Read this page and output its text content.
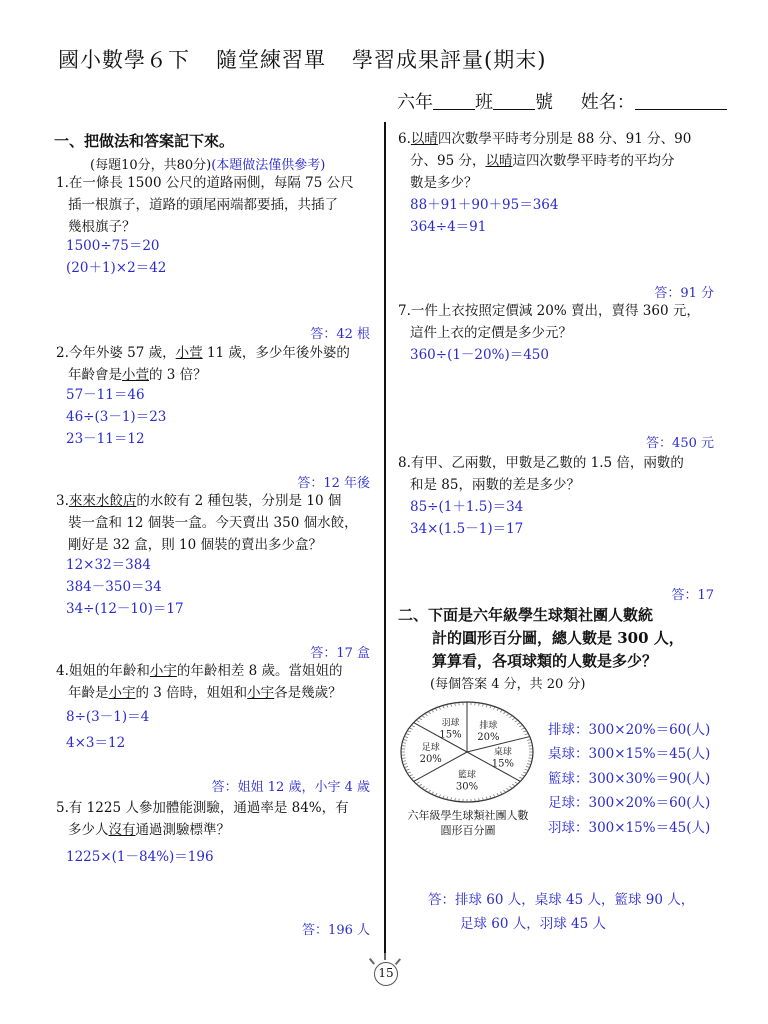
國小數學６下 隨堂練習單 學習成果評量(期末)
六年 班 號 姓名：
一、把做法和答案記下來。
(每題10分，共80分)(本題做法僅供參考)
1.在一條長 1500 公尺的道路兩側，每隔 75 公尺
插一根旗子，道路的頭尾兩端都要插，共插了
幾根旗子？
1500÷75＝20
(20＋1)×2＝42
答：42 根
2.今年外婆 57 歲，小萱 11 歲，多少年後外婆的
年齡會是小萱的 3 倍？
57－11＝46
46÷(3－1)＝23
23－11＝12
答：12 年後
3.來來水餃店的水餃有 2 種包裝，分別是 10 個
裝一盒和 12 個裝一盒。今天賣出 350 個水餃，
剛好是 32 盒，則 10 個裝的賣出多少盒？
12×32＝384
384－350＝34
34÷(12－10)＝17
答：17 盒
4.姐姐的年齡和小宇的年齡相差 8 歲。當姐姐的
年齡是小宇的 3 倍時，姐姐和小宇各是幾歲？
8÷(3－1)＝4
4×3＝12
答：姐姐 12 歲，小宇 4 歲
5.有 1225 人參加體能測驗，通過率是 84%，有
多少人沒有通過測驗標準？
1225×(1－84%)＝196
答：196 人
6.以晴四次數學平時考分別是 88 分、91 分、90
分、95 分，以晴這四次數學平時考的平均分
數是多少？
88＋91＋90＋95＝364
364÷4＝91
答：91 分
7.一件上衣按照定價減 20% 賣出，賣得 360 元，
這件上衣的定價是多少元？
360÷(1－20%)＝450
答：450 元
8.有甲、乙兩數，甲數是乙數的 1.5 倍，兩數的
和是 85，兩數的差是多少？
85÷(1＋1.5)＝34
34×(1.5－1)＝17
答：17
二、下面是六年級學生球類社團人數統
計的圓形百分圖，總人數是 300 人，
算算看，各項球類的人數是多少？
(每個答案 4 分，共 20 分)
排球
20%
桌球
15%
籃球
30%
足球
20%
羽球
15%
六年級學生球類社團人數
圓形百分圖
排球：300×20%＝60(人)
桌球：300×15%＝45(人)
籃球：300×30%＝90(人)
足球：300×20%＝60(人)
羽球：300×15%＝45(人)
答：排球 60 人，桌球 45 人，籃球 90 人，
足球 60 人，羽球 45 人
15
